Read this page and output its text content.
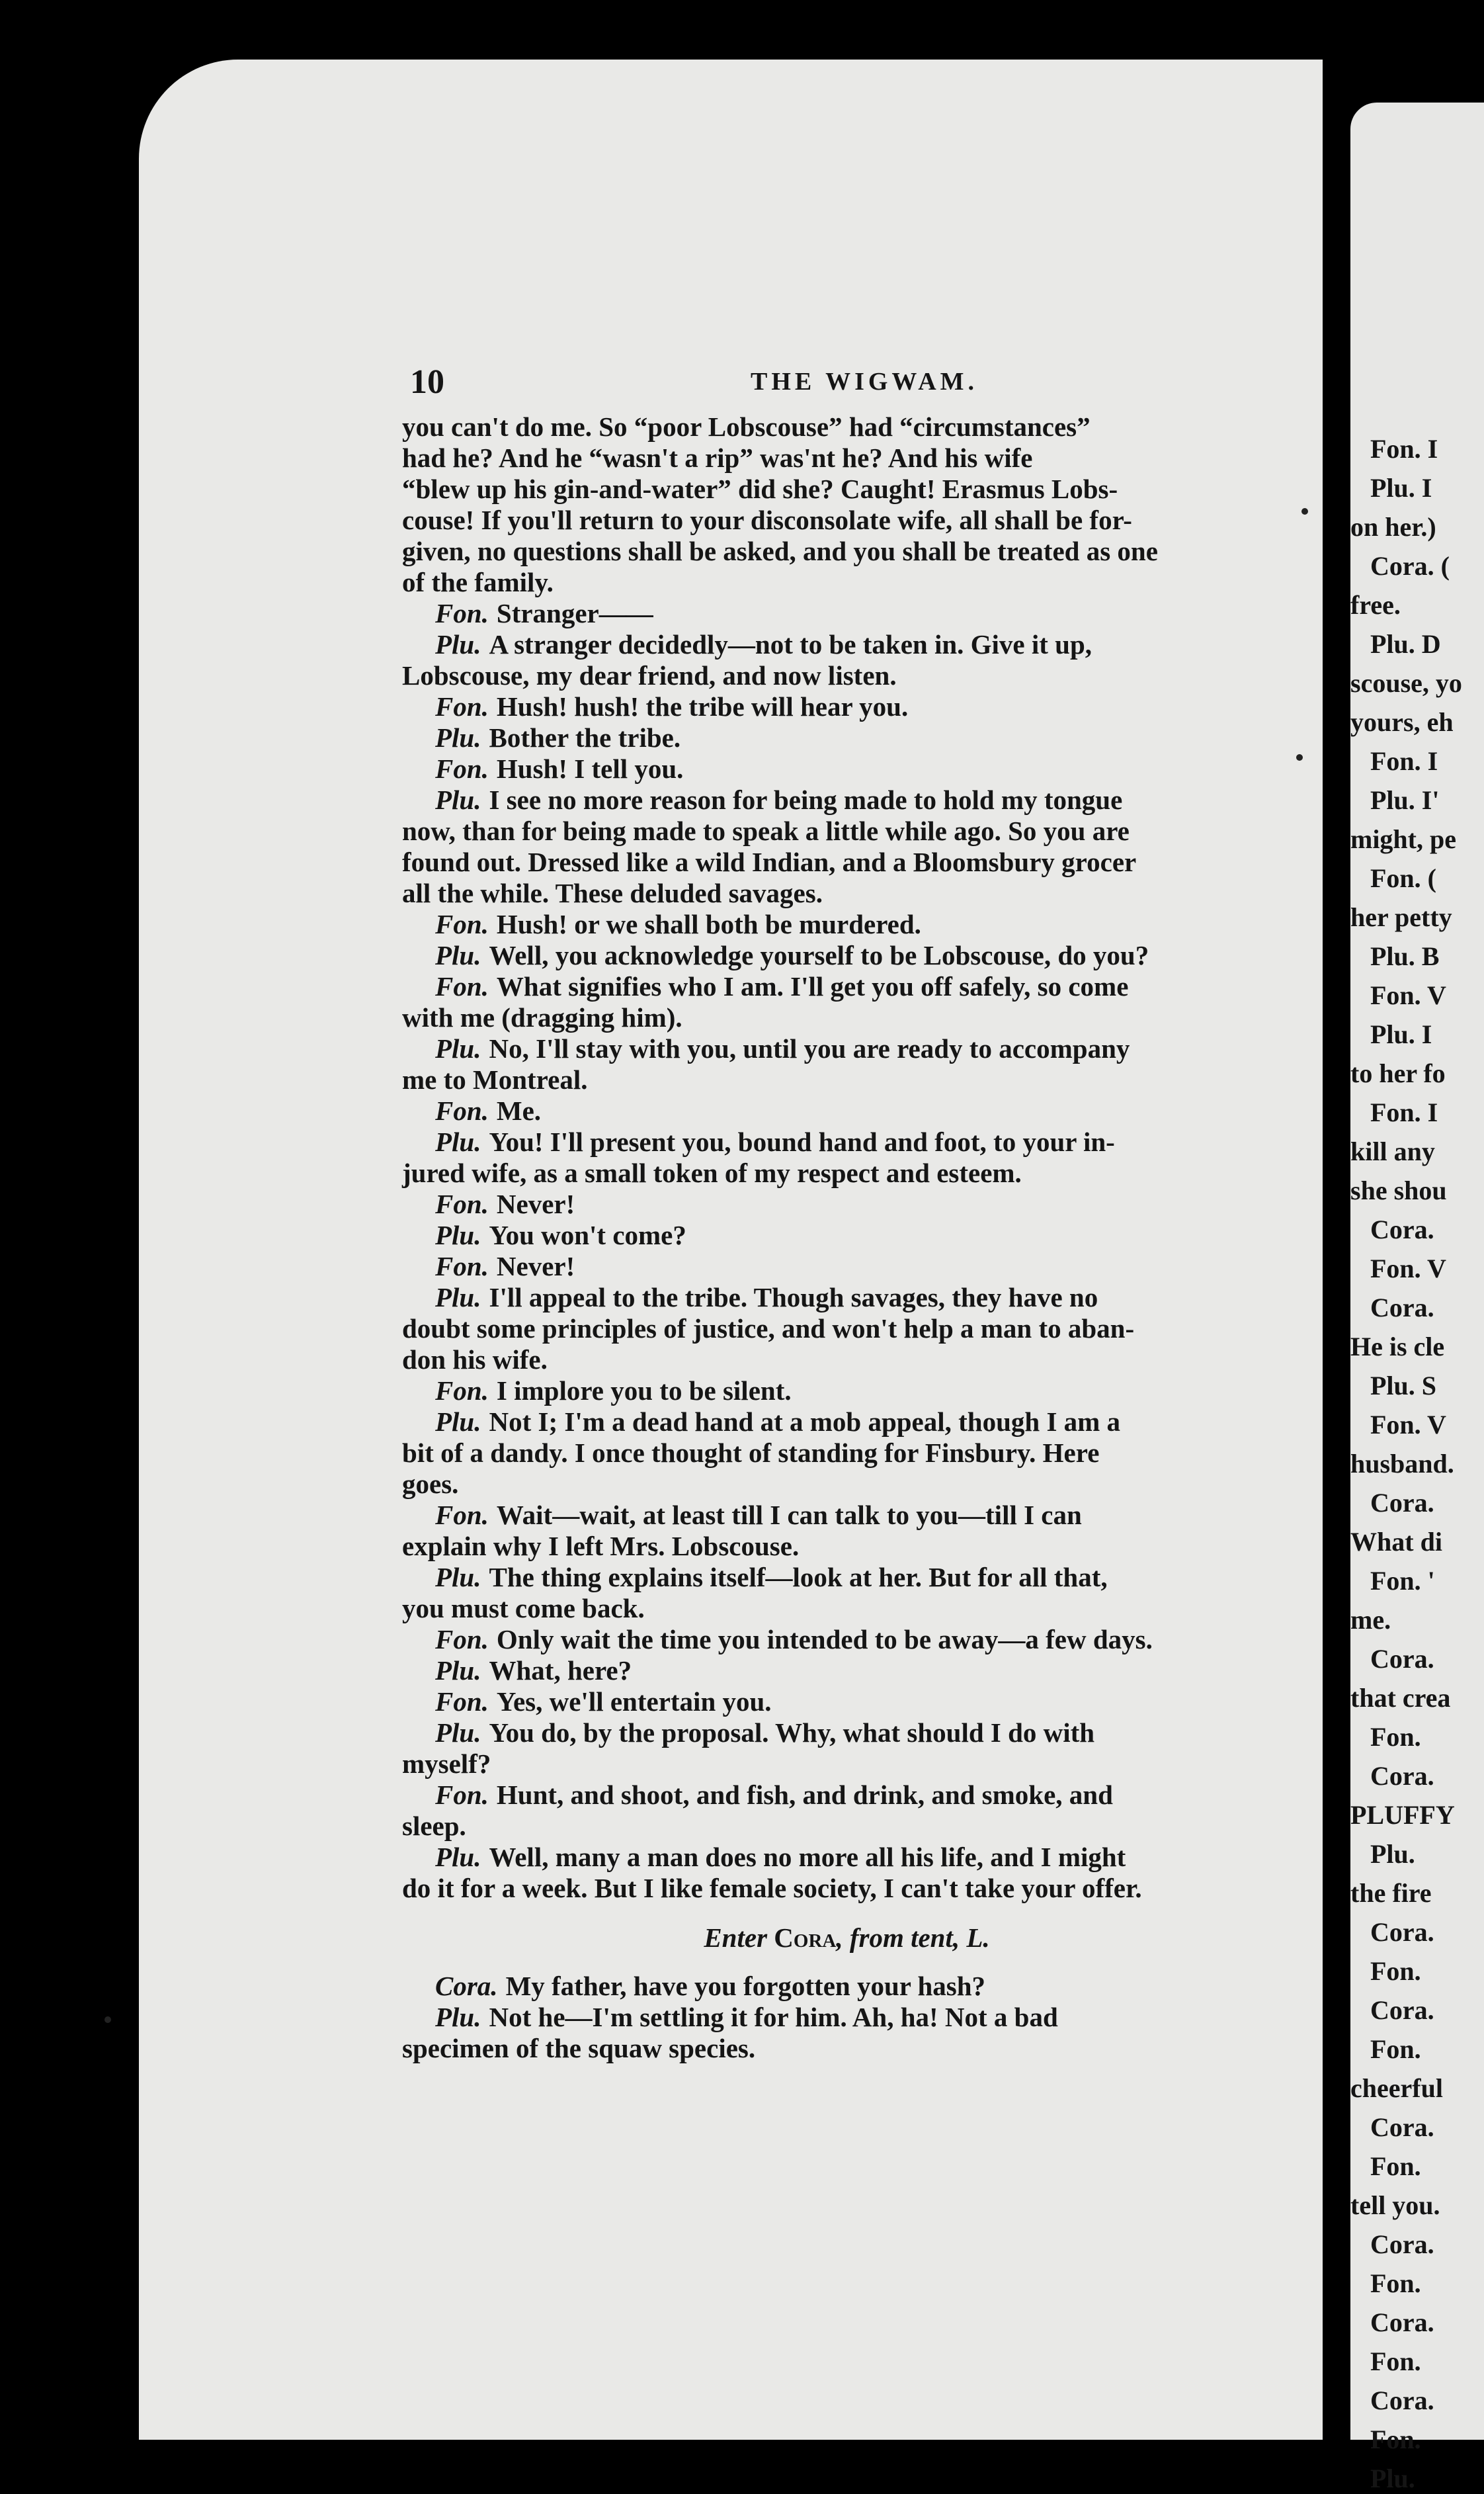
10	THE WIGWAM.

you can't do me. So “poor Lobscouse” had “circumstances”

had he? And he “wasn't a rip” was'nt he? And his wife

“blew up his gin-and-water” did she? Caught! Erasmus Lobs-

couse! If you'll return to your disconsolate wife, all shall be for-

given, no questions shall be asked, and you shall be treated as one

of the family.

Fon. Stranger——

Plu. A stranger decidedly—not to be taken in. Give it up,

Lobscouse, my dear friend, and now listen.

Fon. Hush! hush! the tribe will hear you.

Plu. Bother the tribe.

Fon. Hush! I tell you.

Plu. I see no more reason for being made to hold my tongue

now, than for being made to speak a little while ago. So you are

found out. Dressed like a wild Indian, and a Bloomsbury grocer

all the while. These deluded savages.

Fon. Hush! or we shall both be murdered.

Plu. Well, you acknowledge yourself to be Lobscouse, do you?

Fon. What signifies who I am. I'll get you off safely, so come

with me (dragging him).

Plu. No, I'll stay with you, until you are ready to accompany

me to Montreal.

Fon. Me.

Plu. You! I'll present you, bound hand and foot, to your in-

jured wife, as a small token of my respect and esteem.

Fon. Never!

Plu. You won't come?

Fon. Never!

Plu. I'll appeal to the tribe. Though savages, they have no

doubt some principles of justice, and won't help a man to aban-

don his wife.

Fon. I implore you to be silent.

Plu. Not I; I'm a dead hand at a mob appeal, though I am a

bit of a dandy. I once thought of standing for Finsbury. Here

goes.

Fon. Wait—wait, at least till I can talk to you—till I can

explain why I left Mrs. Lobscouse.

Plu. The thing explains itself—look at her. But for all that,

you must come back.

Fon. Only wait the time you intended to be away—a few days.

Plu. What, here?

Fon. Yes, we'll entertain you.

Plu. You do, by the proposal. Why, what should I do with

myself?

Fon. Hunt, and shoot, and fish, and drink, and smoke, and

sleep.

Plu. Well, many a man does no more all his life, and I might

do it for a week. But I like female society, I can't take your offer.

Enter Cora, from tent, L.

Cora. My father, have you forgotten your hash?

Plu. Not he—I'm settling it for him. Ah, ha! Not a bad

specimen of the squaw species.

Fon. I
Plu. I
on her.)
Cora. (
free.
Plu. D
scouse, yo
yours, eh
Fon. I
Plu. I'
might, pe
Fon. (
her petty
Plu. B
Fon. V
Plu. I
to her fo
Fon. I
kill any
she shou
Cora.
Fon. V
Cora.
He is cle
Plu. S
Fon. V
husband.
Cora.
What di
Fon. '
me.
Cora.
that crea
Fon.
Cora.
PLUFFY
Plu.
the fire
Cora.
Fon.
Cora.
Fon.
cheerful
Cora.
Fon.
tell you.
Cora.
Fon.
Cora.
Fon.
Cora.
Fon.
Plu.
